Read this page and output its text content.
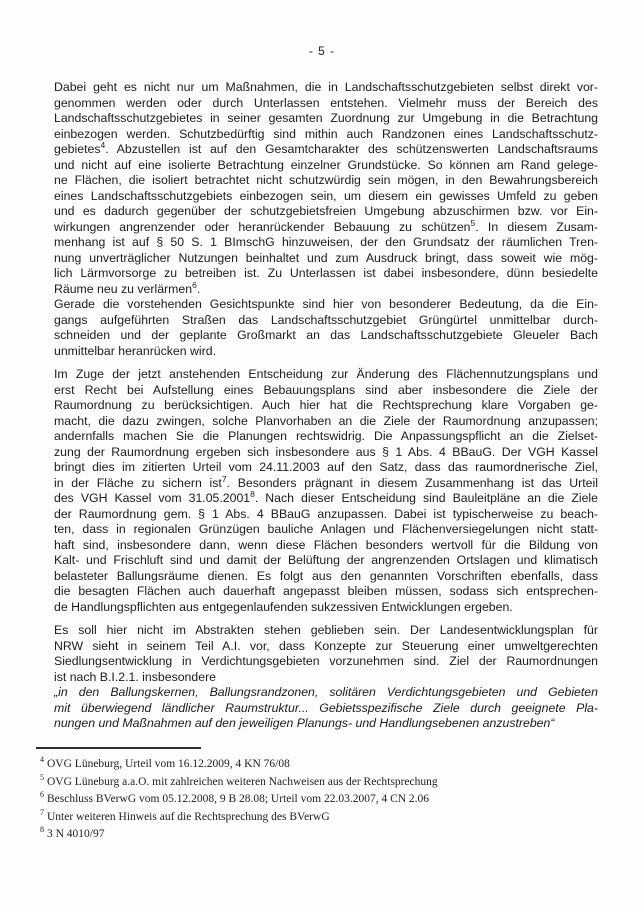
- 5 -
Dabei geht es nicht nur um Maßnahmen, die in Landschaftsschutzgebieten selbst direkt vor-
genommen werden oder durch Unterlassen entstehen. Vielmehr muss der Bereich des
Landschaftsschutzgebietes in seiner gesamten Zuordnung zur Umgebung in die Betrachtung
einbezogen werden. Schutzbedürftig sind mithin auch Randzonen eines Landschaftsschutz-
gebietes$^4$. Abzustellen ist auf den Gesamtcharakter des schützenswerten Landschaftsraums
und nicht auf eine isolierte Betrachtung einzelner Grundstücke. So können am Rand gelege-
ne Flächen, die isoliert betrachtet nicht schutzwürdig sein mögen, in den Bewahrungsbereich
eines Landschaftsschutzgebiets einbezogen sein, um diesem ein gewisses Umfeld zu geben
und es dadurch gegenüber der schutzgebietsfreien Umgebung abzuschirmen bzw. vor Ein-
wirkungen angrenzender oder heranrückender Bebauung zu schützen$^5$. In diesem Zusam-
menhang ist auf § 50 S. 1 BImschG hinzuweisen, der den Grundsatz der räumlichen Tren-
nung unverträglicher Nutzungen beinhaltet und zum Ausdruck bringt, dass soweit wie mög-
lich Lärmvorsorge zu betreiben ist. Zu Unterlassen ist dabei insbesondere, dünn besiedelte
Räume neu zu verlärmen$^6$.
Gerade die vorstehenden Gesichtspunkte sind hier von besonderer Bedeutung, da die Ein-
gangs aufgeführten Straßen das Landschaftsschutzgebiet Grüngürtel unmittelbar durch-
schneiden und der geplante Großmarkt an das Landschaftsschutzgebiete Gleueler Bach
unmittelbar heranrücken wird.
Im Zuge der jetzt anstehenden Entscheidung zur Änderung des Flächennutzungsplans und
erst Recht bei Aufstellung eines Bebauungsplans sind aber insbesondere die Ziele der
Raumordnung zu berücksichtigen. Auch hier hat die Rechtsprechung klare Vorgaben ge-
macht, die dazu zwingen, solche Planvorhaben an die Ziele der Raumordnung anzupassen;
andernfalls machen Sie die Planungen rechtswidrig. Die Anpassungspflicht an die Zielset-
zung der Raumordnung ergeben sich insbesondere aus § 1 Abs. 4 BBauG. Der VGH Kassel
bringt dies im zitierten Urteil vom 24.11.2003 auf den Satz, dass das raumordnerische Ziel,
in der Fläche zu sichern ist$^7$. Besonders prägnant in diesem Zusammenhang ist das Urteil
des VGH Kassel vom 31.05.2001$^8$. Nach dieser Entscheidung sind Bauleitpläne an die Ziele
der Raumordnung gem. § 1 Abs. 4 BBauG anzupassen. Dabei ist typischerweise zu beach-
ten, dass in regionalen Grünzügen bauliche Anlagen und Flächenversiegelungen nicht statt-
haft sind, insbesondere dann, wenn diese Flächen besonders wertvoll für die Bildung von
Kalt- und Frischluft sind und damit der Belüftung der angrenzenden Ortslagen und klimatisch
belasteter Ballungsräume dienen. Es folgt aus den genannten Vorschriften ebenfalls, dass
die besagten Flächen auch dauerhaft angepasst bleiben müssen, sodass sich entsprechen-
de Handlungspflichten aus entgegenlaufenden sukzessiven Entwicklungen ergeben.
Es soll hier nicht im Abstrakten stehen geblieben sein. Der Landesentwicklungsplan für
NRW sieht in seinem Teil A.I. vor, dass Konzepte zur Steuerung einer umweltgerechten
Siedlungsentwicklung in Verdichtungsgebieten vorzunehmen sind. Ziel der Raumordnungen
ist nach B.I.2.1. insbesondere
„in den Ballungskernen, Ballungsrandzonen, solitären Verdichtungsgebieten und Gebieten
mit überwiegend ländlicher Raumstruktur... Gebietsspezifische Ziele durch geeignete Pla-
nungen und Maßnahmen auf den jeweiligen Planungs- und Handlungsebenen anzustreben“
$^4$ OVG Lüneburg, Urteil vom 16.12.2009, 4 KN 76/08
$^5$ OVG Lüneburg a.a.O. mit zahlreichen weiteren Nachweisen aus der Rechtsprechung
$^6$ Beschluss BVerwG vom 05.12.2008, 9 B 28.08; Urteil vom 22.03.2007, 4 CN 2.06
$^7$ Unter weiteren Hinweis auf die Rechtsprechung des BVerwG
$^8$ 3 N 4010/97
